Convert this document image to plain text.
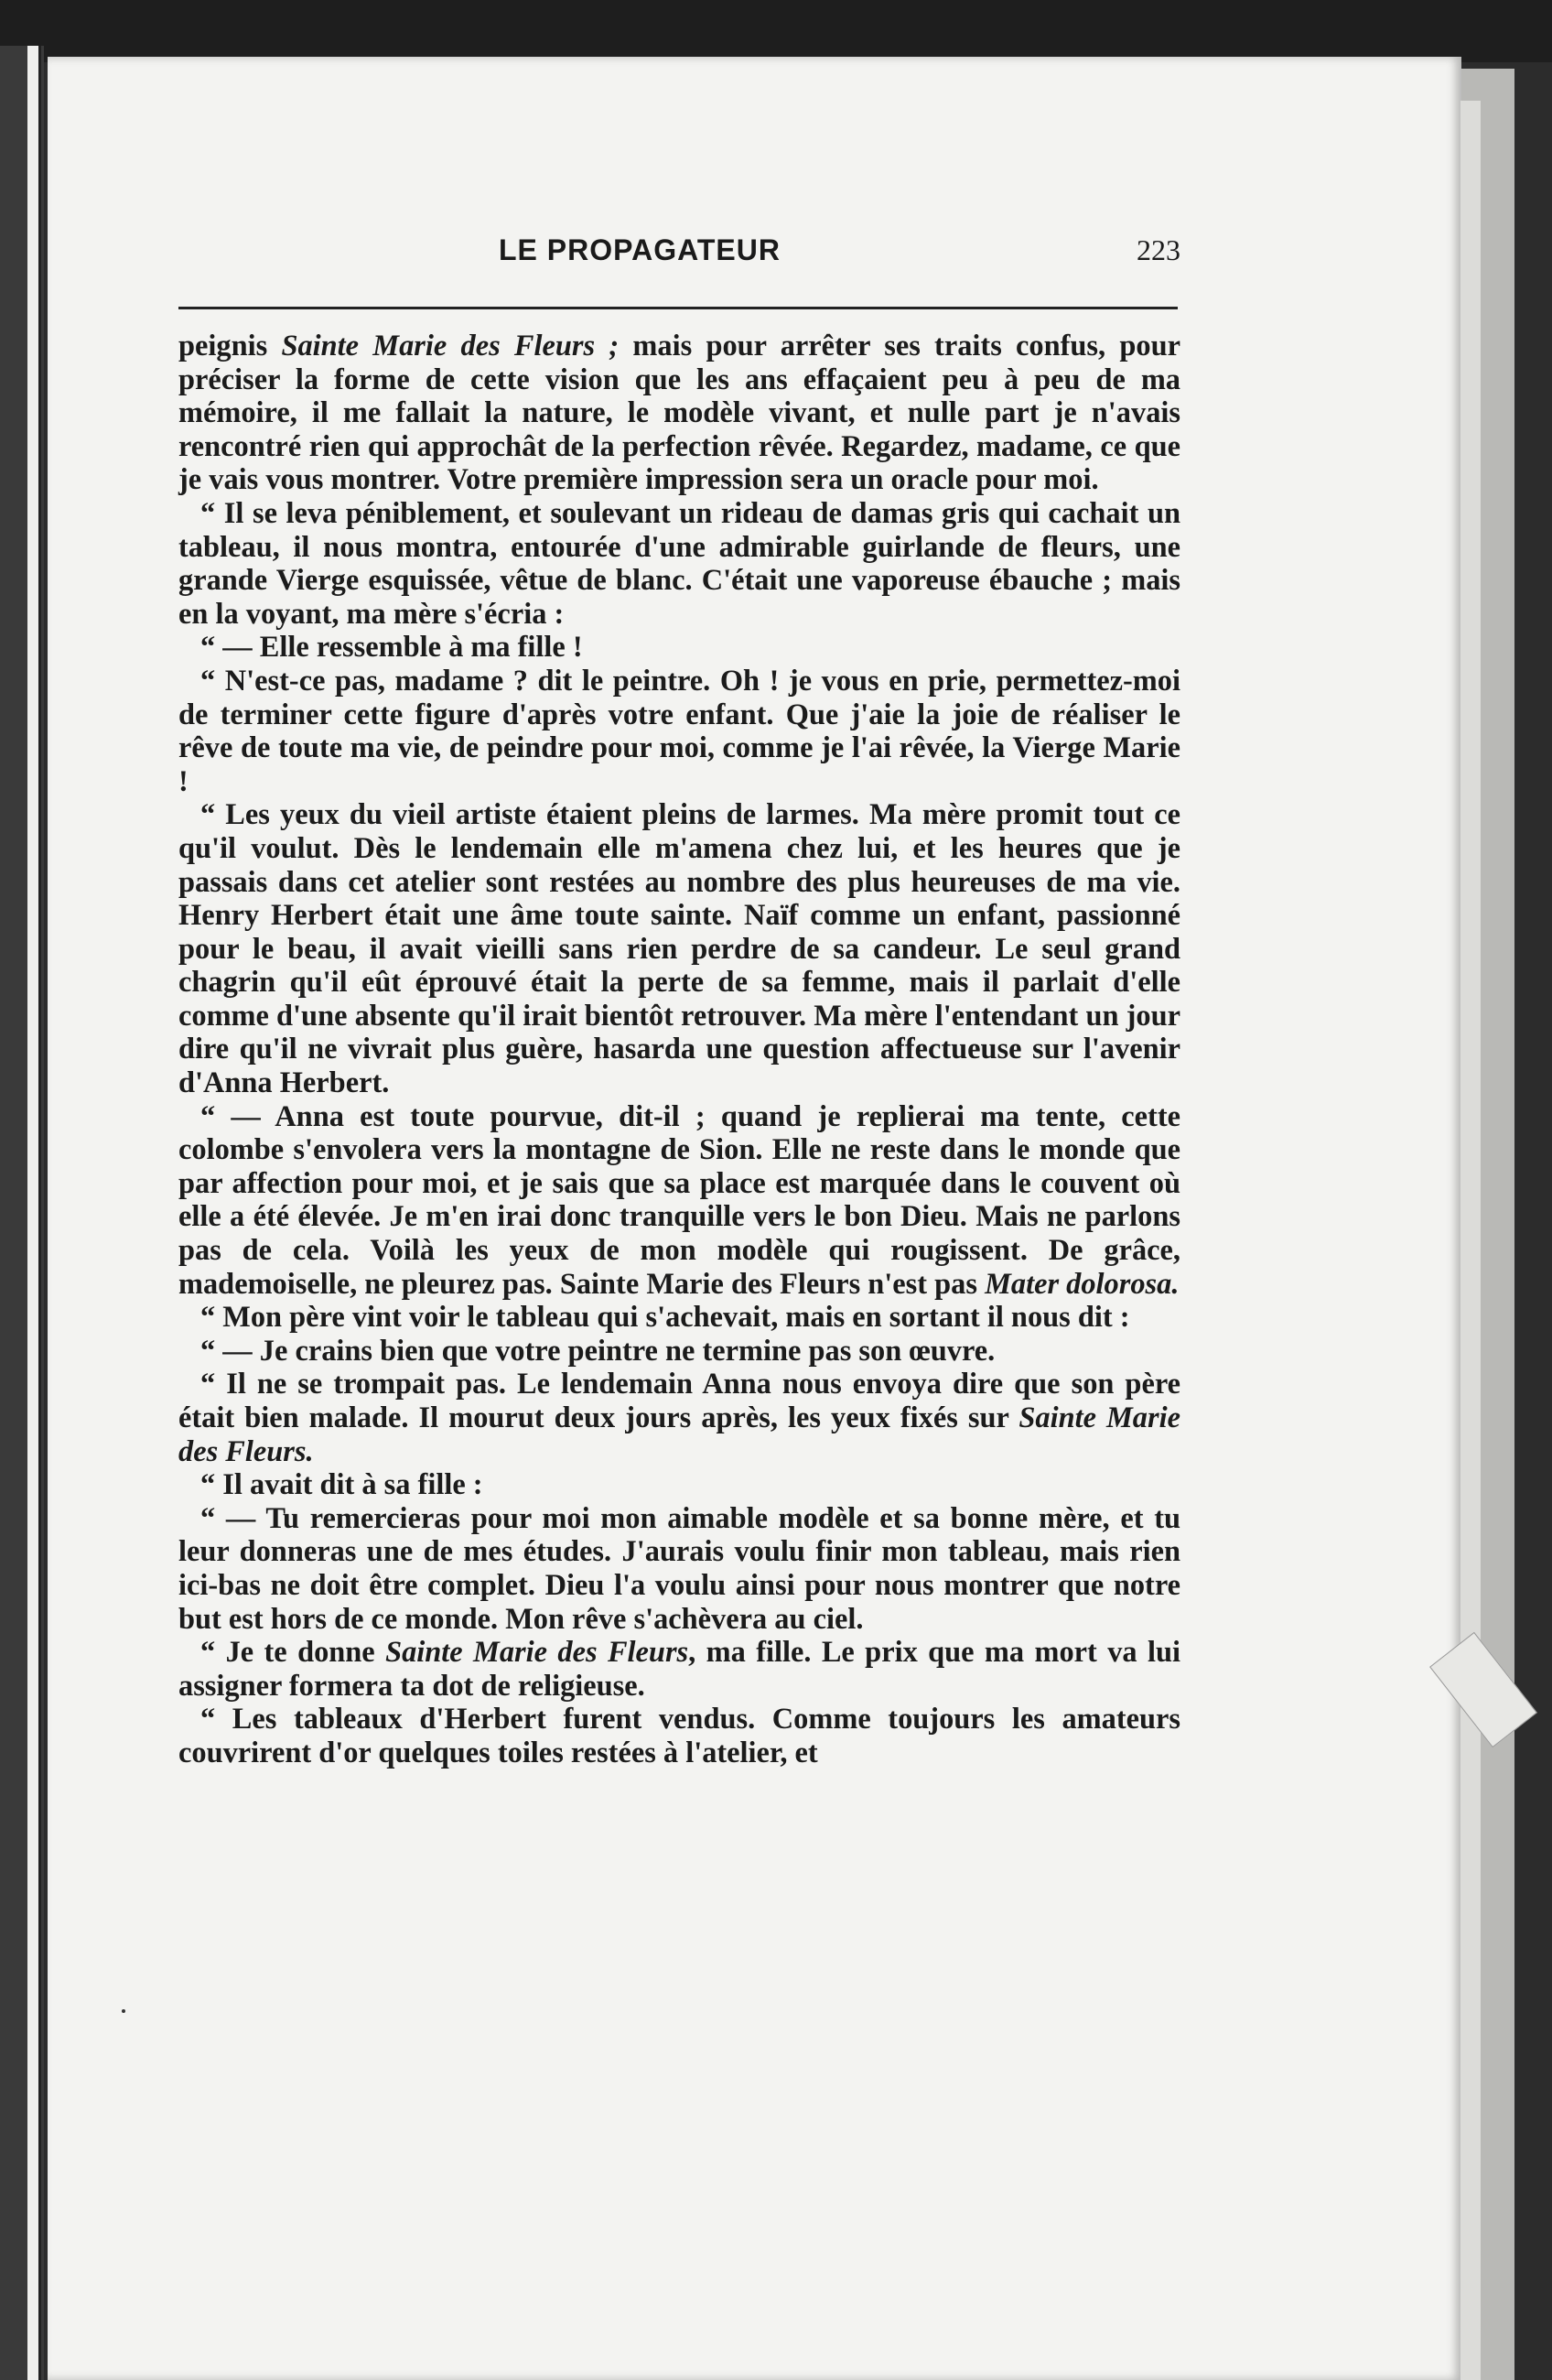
LE PROPAGATEUR	223

peignis Sainte Marie des Fleurs ; mais pour arrêter ses traits confus, pour préciser la forme de cette vision que les ans effaçaient peu à peu de ma mémoire, il me fallait la nature, le modèle vivant, et nulle part je n'avais rencontré rien qui approchât de la perfection rêvée. Regardez, madame, ce que je vais vous montrer. Votre première impression sera un oracle pour moi.

“ Il se leva péniblement, et soulevant un rideau de damas gris qui cachait un tableau, il nous montra, entourée d'une admirable guirlande de fleurs, une grande Vierge esquissée, vêtue de blanc. C'était une vaporeuse ébauche ; mais en la voyant, ma mère s'écria :

“ — Elle ressemble à ma fille !

“ N'est-ce pas, madame ? dit le peintre. Oh ! je vous en prie, permettez-moi de terminer cette figure d'après votre enfant. Que j'aie la joie de réaliser le rêve de toute ma vie, de peindre pour moi, comme je l'ai rêvée, la Vierge Marie !

“ Les yeux du vieil artiste étaient pleins de larmes. Ma mère promit tout ce qu'il voulut. Dès le lendemain elle m'amena chez lui, et les heures que je passais dans cet atelier sont restées au nombre des plus heureuses de ma vie. Henry Herbert était une âme toute sainte. Naïf comme un enfant, passionné pour le beau, il avait vieilli sans rien perdre de sa candeur. Le seul grand chagrin qu'il eût éprouvé était la perte de sa femme, mais il parlait d'elle comme d'une absente qu'il irait bientôt retrouver. Ma mère l'entendant un jour dire qu'il ne vivrait plus guère, hasarda une question affectueuse sur l'avenir d'Anna Herbert.

“ — Anna est toute pourvue, dit-il ; quand je replierai ma tente, cette colombe s'envolera vers la montagne de Sion. Elle ne reste dans le monde que par affection pour moi, et je sais que sa place est marquée dans le couvent où elle a été élevée. Je m'en irai donc tranquille vers le bon Dieu. Mais ne parlons pas de cela. Voilà les yeux de mon modèle qui rougissent. De grâce, mademoiselle, ne pleurez pas. Sainte Marie des Fleurs n'est pas Mater dolorosa.

“ Mon père vint voir le tableau qui s'achevait, mais en sortant il nous dit :

“ — Je crains bien que votre peintre ne termine pas son œuvre.

“ Il ne se trompait pas. Le lendemain Anna nous envoya dire que son père était bien malade. Il mourut deux jours après, les yeux fixés sur Sainte Marie des Fleurs.

“ Il avait dit à sa fille :

“ — Tu remercieras pour moi mon aimable modèle et sa bonne mère, et tu leur donneras une de mes études. J'aurais voulu finir mon tableau, mais rien ici-bas ne doit être complet. Dieu l'a voulu ainsi pour nous montrer que notre but est hors de ce monde. Mon rêve s'achèvera au ciel.

“ Je te donne Sainte Marie des Fleurs, ma fille. Le prix que ma mort va lui assigner formera ta dot de religieuse.

“ Les tableaux d'Herbert furent vendus. Comme toujours les amateurs couvrirent d'or quelques toiles restées à l'atelier, et
